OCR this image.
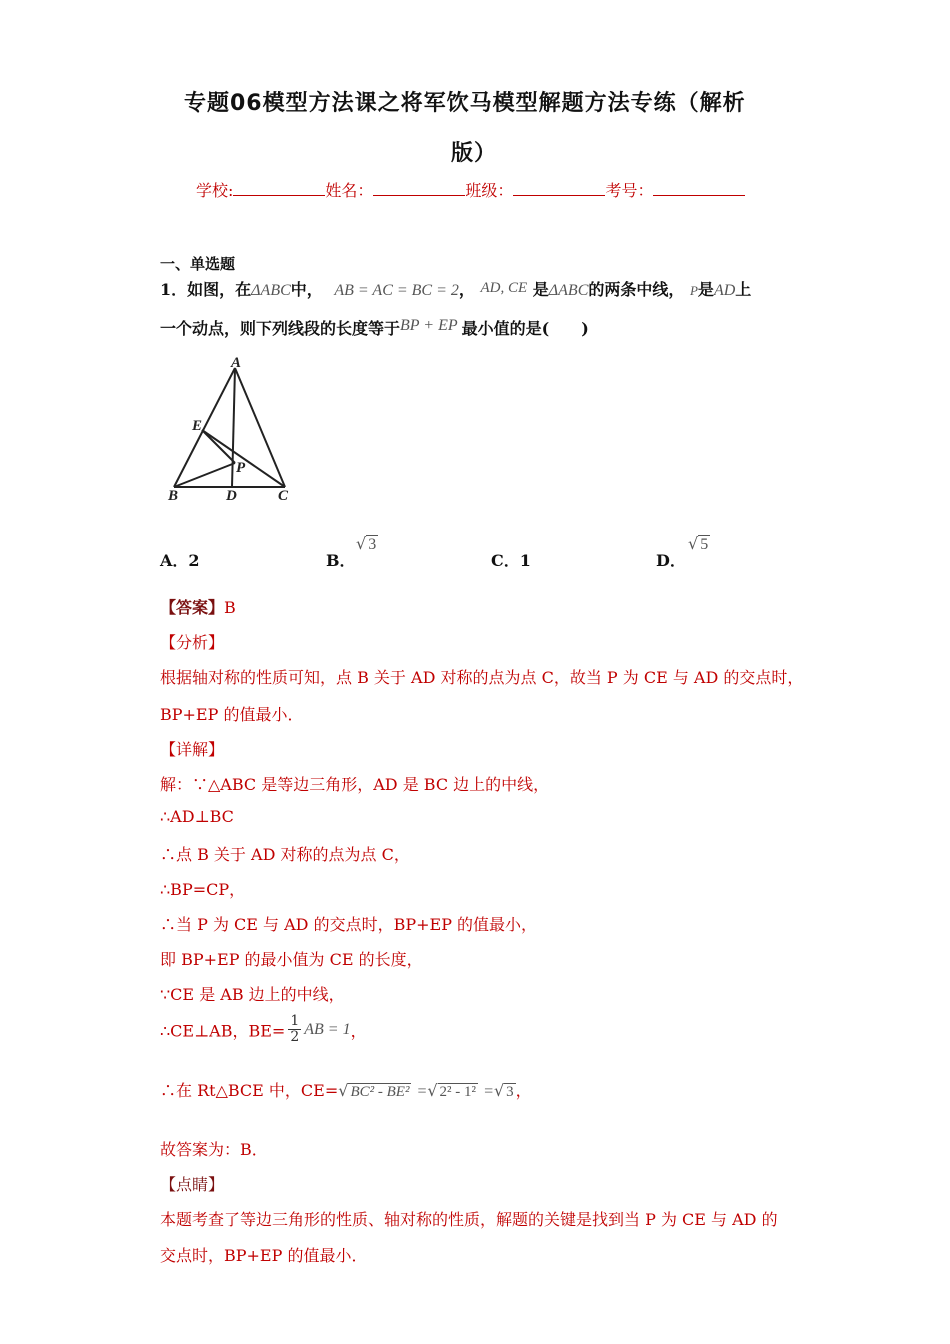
专题06模型方法课之将军饮马模型解题方法专练（解析
版）
学校:	姓名：	班级：	考号：
一、单选题
1．如图，在ΔABC中， AB = AC = BC = 2， AD, CE 是ΔABC的两条中线， P是AD上
一个动点，则下列线段的长度等于BP + EP 最小值的是(　　)
A
E
P
B	D	C
A．2	B．
√ 3
C．1	D．
√ 5
【答案】B
【分析】
根据轴对称的性质可知，点 B 关于 AD 对称的点为点 C，故当 P 为 CE 与 AD 的交点时，
BP+EP 的值最小．
【详解】
解：∵△ABC 是等边三角形，AD 是 BC 边上的中线，
∴AD⊥BC
∴点 B 关于 AD 对称的点为点 C，
∴BP=CP，
∴当 P 为 CE 与 AD 的交点时，BP+EP 的值最小，
即 BP+EP 的最小值为 CE 的长度，
∵CE 是 AB 边上的中线，
∴CE⊥AB，$BE= \frac{1}{2}$ AB = 1，
∴在 Rt△BCE 中，CE=√ BC² - BE² =√ 2² - 1² =√ 3 ，
故答案为：B．
【点睛】
本题考查了等边三角形的性质、轴对称的性质，解题的关键是找到当 P 为 CE 与 AD 的
交点时，BP+EP 的值最小．
